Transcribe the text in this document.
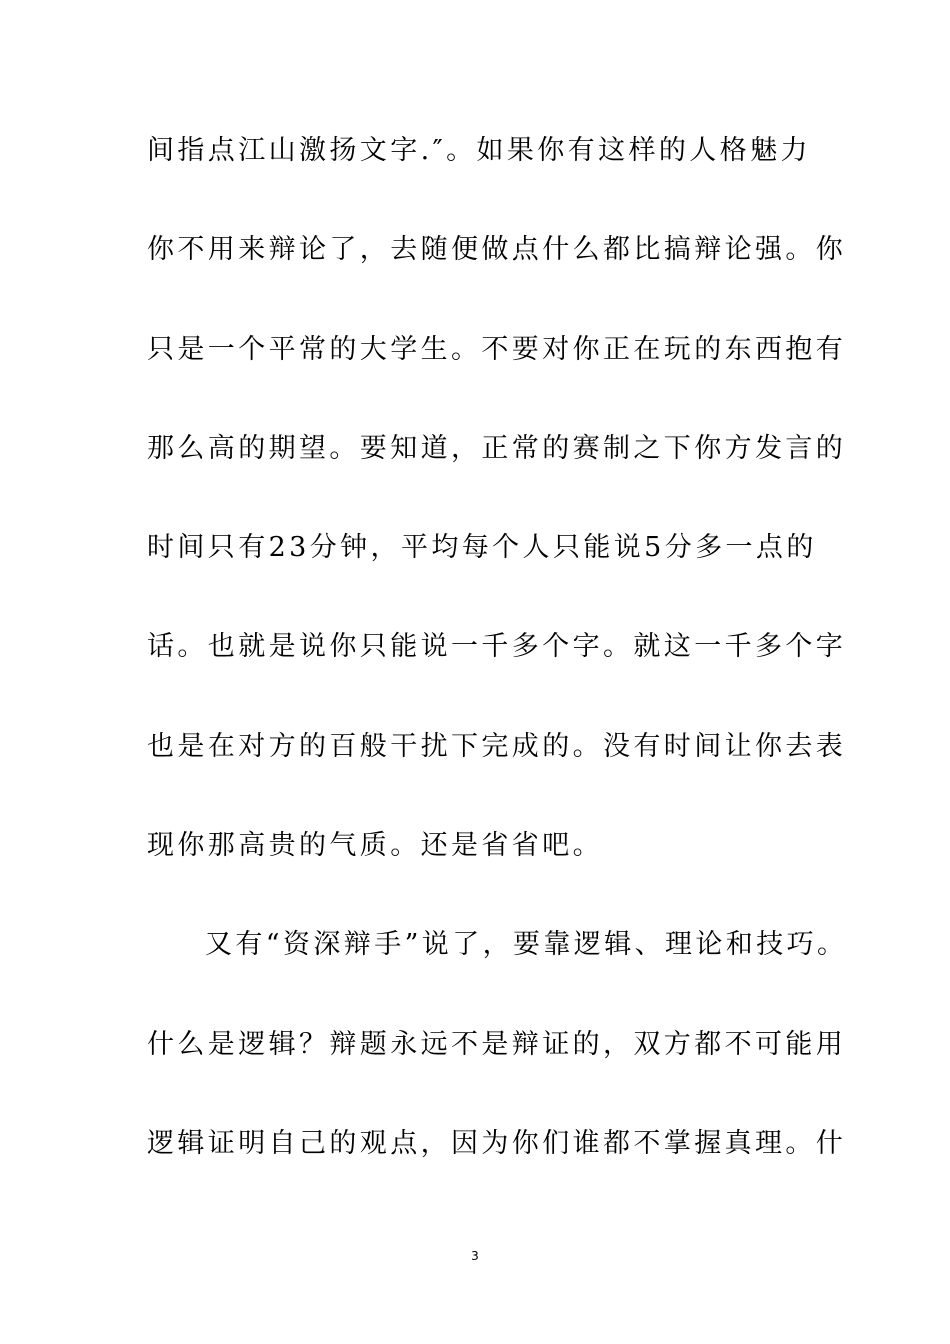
间指点江山激扬文字.″。如果你有这样的人格魅力
你不用来辩论了，去随便做点什么都比搞辩论强。你
只是一个平常的大学生。不要对你正在玩的东西抱有
那么高的期望。要知道，正常的赛制之下你方发言的
时间只有23分钟，平均每个人只能说5分多一点的
话。也就是说你只能说一千多个字。就这一千多个字
也是在对方的百般干扰下完成的。没有时间让你去表
现你那高贵的气质。还是省省吧。
又有“资深辩手”说了，要靠逻辑、理论和技巧。
什么是逻辑？辩题永远不是辩证的，双方都不可能用
逻辑证明自己的观点，因为你们谁都不掌握真理。什
3
